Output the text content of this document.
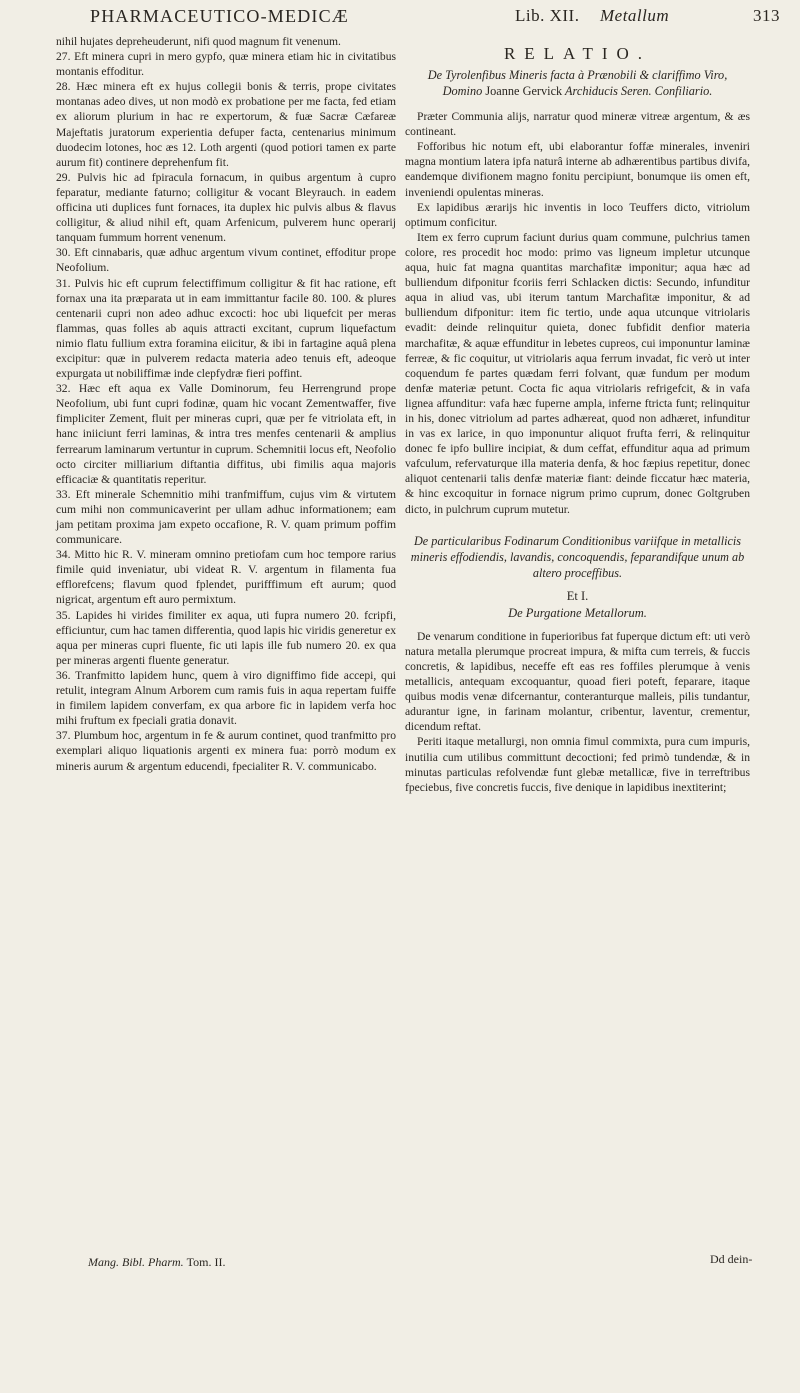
PHARMACEUTICO-MEDICÆ	Lib. XII. Metallum	313

nihil hujates depreheuderunt, nifi quod magnum fit venenum.

27. Eft minera cupri in mero gypfo, quæ minera etiam hic in civitatibus montanis effoditur.

28. Hæc minera eft ex hujus collegii bonis & terris, prope civitates montanas adeo dives, ut non modò ex probatione per me facta, fed etiam ex aliorum plurium in hac re expertorum, & fuæ Sacræ Cæfareæ Majeftatis juratorum experientia defuper facta, centenarius minimum duodecim lotones, hoc æs 12. Loth argenti (quod potiori tamen ex parte aurum fit) continere deprehenfum fit.

29. Pulvis hic ad fpiracula fornacum, in quibus argentum à cupro feparatur, mediante faturno; colligitur & vocant Bleyrauch. in eadem officina uti duplices funt fornaces, ita duplex hic pulvis albus & flavus colligitur, & aliud nihil eft, quam Arfenicum, pulverem hunc operarij tanquam fummum horrent venenum.

30. Eft cinnabaris, quæ adhuc argentum vivum continet, effoditur prope Neofolium.

31. Pulvis hic eft cuprum felectiffimum colligitur & fit hac ratione, eft fornax una ita præparata ut in eam immittantur facile 80. 100. & plures centenarii cupri non adeo adhuc excocti: hoc ubi liquefcit per meras flammas, quas folles ab aquis attracti excitant, cuprum liquefactum nimio flatu fullium extra foramina eiicitur, & ibi in fartagine aquâ plena excipitur: quæ in pulverem redacta materia adeo tenuis eft, adeoque expurgata ut nobiliffimæ inde clepfydræ fieri poffint.

32. Hæc eft aqua ex Valle Dominorum, feu Herrengrund prope Neofolium, ubi funt cupri fodinæ, quam hic vocant Zementwaffer, five fimpliciter Zement, fluit per mineras cupri, quæ per fe vitriolata eft, in hanc iniiciunt ferri laminas, & intra tres menfes centenarii & amplius ferrearum laminarum vertuntur in cuprum. Schemnitii locus eft, Neofolio octo circiter milliarium diftantia diffitus, ubi fimilis aqua majoris efficaciæ & quantitatis reperitur.

33. Eft minerale Schemnitio mihi tranfmiffum, cujus vim & virtutem cum mihi non communicaverint per ullam adhuc informationem; eam jam petitam proxima jam expeto occafione, R. V. quam primum poffim communicare.

34. Mitto hic R. V. mineram omnino pretiofam cum hoc tempore rarius fimile quid inveniatur, ubi videat R. V. argentum in filamenta fua efflorefcens; flavum quod fplendet, purifffimum eft aurum; quod nigricat, argentum eft auro permixtum.

35. Lapides hi virides fimiliter ex aqua, uti fupra numero 20. fcripfi, efficiuntur, cum hac tamen differentia, quod lapis hic viridis generetur ex aqua per mineras cupri fluente, fic uti lapis ille fub numero 20. ex qua per mineras argenti fluente generatur.

36. Tranfmitto lapidem hunc, quem à viro digniffimo fide accepi, qui retulit, integram Alnum Arborem cum ramis fuis in aqua repertam fuiffe in fimilem lapidem converfam, ex qua arbore fic in lapidem verfa hoc mihi fruftum ex fpeciali gratia donavit.

37. Plumbum hoc, argentum in fe & aurum continet, quod tranfmitto pro exemplari aliquo liquationis argenti ex minera fua: porrò modum ex mineris aurum & argentum educendi, fpecialiter R. V. communicabo.

Mang. Bibl. Pharm. Tom. II.
RELATIO.
De Tyrolenfibus Mineris facta à Prænobili & clariffimo Viro, Domino Joanne Gervick Archiducis Seren. Confiliario.

Præter Communia alijs, narratur quod mineræ vitreæ argentum, & æs contineant.

Fofforibus hic notum eft, ubi elaborantur foffæ minerales, inveniri magna montium latera ipfa naturâ interne ab adhærentibus partibus divifa, eandemque divifionem magno fonitu percipiunt, bonumque iis omen eft, inveniendi opulentas mineras.

Ex lapidibus ærarijs hic inventis in loco Teuffers dicto, vitriolum optimum conficitur.

Item ex ferro cuprum faciunt durius quam commune, pulchrius tamen colore, res procedit hoc modo: primo vas ligneum impletur utcunque aqua, huic fat magna quantitas marchafitæ imponitur; aqua hæc ad bulliendum difponitur fcoriis ferri Schlacken dictis: Secundo, infunditur aqua in aliud vas, ubi iterum tantum Marchafitæ imponitur, & ad bulliendum difponitur: item fic tertio, unde aqua utcunque vitriolaris evadit: deinde relinquitur quieta, donec fubfidit denfior materia marchafitæ, & aquæ effunditur in lebetes cupreos, cui imponuntur laminæ ferreæ, & fic coquitur, ut vitriolaris aqua ferrum invadat, fic verò ut inter coquendum fe partes quædam ferri folvant, quæ fundum per modum denfæ materiæ petunt. Cocta fic aqua vitriolaris refrigefcit, & in vafa lignea affunditur: vafa hæc fuperne ampla, inferne ftricta funt; relinquitur in his, donec vitriolum ad partes adhæreat, quod non adhæret, infunditur in vas ex larice, in quo imponuntur aliquot frufta ferri, & relinquitur donec fe ipfo bullire incipiat, & dum ceffat, effunditur aqua ad primum vafculum, refervaturque illa materia denfa, & hoc fæpius repetitur, donec aliquot centenarii talis denfæ materiæ fiant: deinde ficcatur hæc materia, & hinc excoquitur in fornace nigrum primo cuprum, donec Goltgruben dicto, in pulchrum cuprum mutetur.

De particularibus Fodinarum Conditionibus variifque in metallicis mineris effodiendis, lavandis, concoquendis, feparandifque unum ab altero proceffibus.
Et I.
De Purgatione Metallorum.

De venarum conditione in fuperioribus fat fuperque dictum eft: uti verò natura metalla plerumque procreat impura, & mifta cum terreis, & fuccis concretis, & lapidibus, neceffe eft eas res foffiles plerumque à venis metallicis, antequam excoquantur, quoad fieri poteft, feparare, itaque quibus modis venæ difcernantur, conteranturque malleis, pilis tundantur, adurantur igne, in farinam molantur, cribentur, laventur, crementur, dicendum reftat.

Periti itaque metallurgi, non omnia fimul commixta, pura cum impuris, inutilia cum utilibus committunt decoctioni; fed primò tundendæ, & in minutas particulas refolvendæ funt glebæ metallicæ, five in terreftribus fpeciebus, five concretis fuccis, five denique in lapidibus inextiterint;

Dd dein-
